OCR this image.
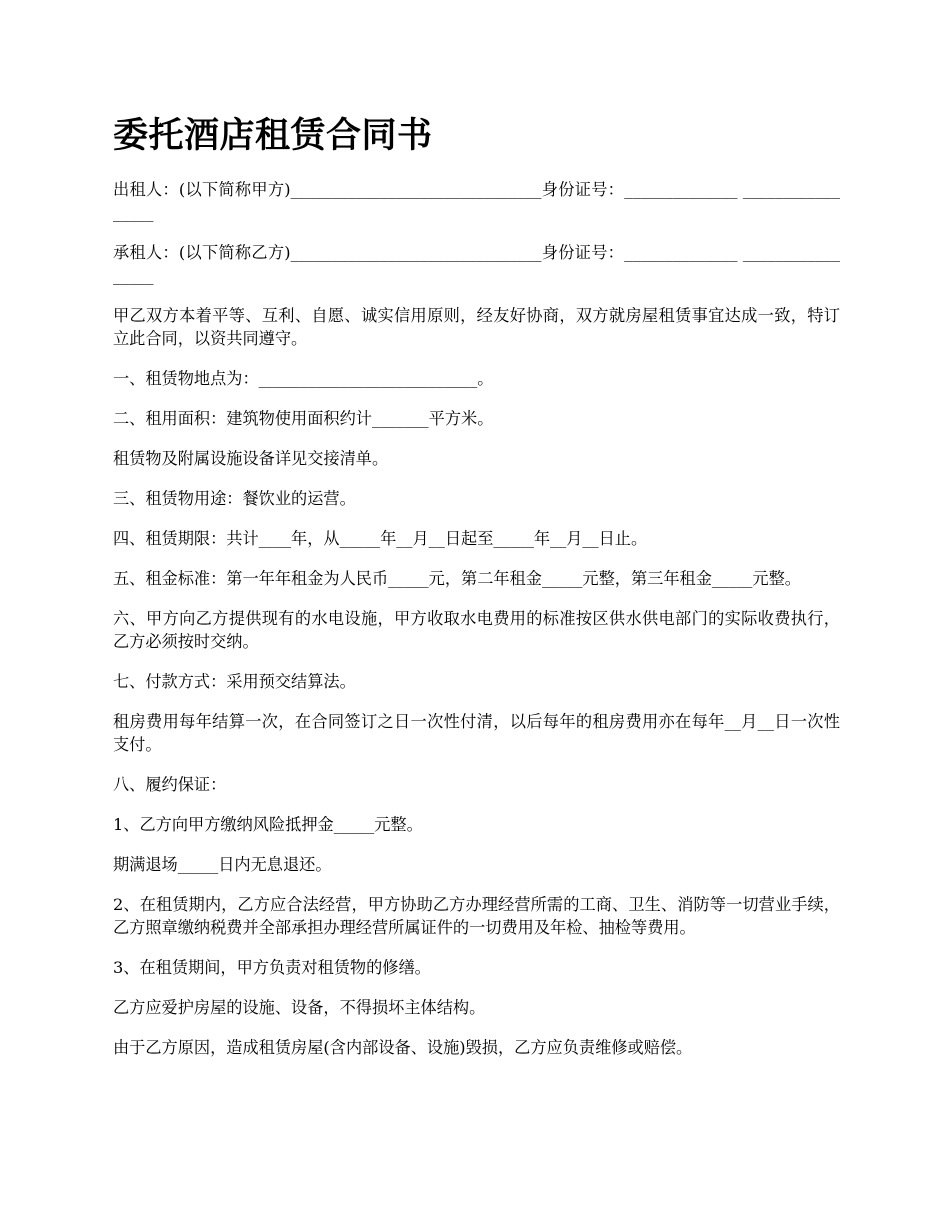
委托酒店租赁合同书

出租人：(以下简称甲方)_______________________________身份证号：______________ _________________

承租人：(以下简称乙方)_______________________________身份证号：______________ _________________

甲乙双方本着平等、互利、自愿、诚实信用原则，经友好协商，双方就房屋租赁事宜达成一致，特订立此合同，以资共同遵守。

一、租赁物地点为：___________________________。

二、租用面积：建筑物使用面积约计_______平方米。

租赁物及附属设施设备详见交接清单。

三、租赁物用途：餐饮业的运营。

四、租赁期限：共计____年，从_____年__月__日起至_____年__月__日止。

五、租金标准：第一年年租金为人民币_____元，第二年租金_____元整，第三年租金_____元整。

六、甲方向乙方提供现有的水电设施，甲方收取水电费用的标准按区供水供电部门的实际收费执行，乙方必须按时交纳。

七、付款方式：采用预交结算法。

租房费用每年结算一次，在合同签订之日一次性付清，以后每年的租房费用亦在每年__月__日一次性支付。

八、履约保证：

1、乙方向甲方缴纳风险抵押金_____元整。

期满退场_____日内无息退还。

2、在租赁期内，乙方应合法经营，甲方协助乙方办理经营所需的工商、卫生、消防等一切营业手续，乙方照章缴纳税费并全部承担办理经营所属证件的一切费用及年检、抽检等费用。

3、在租赁期间，甲方负责对租赁物的修缮。

乙方应爱护房屋的设施、设备，不得损坏主体结构。

由于乙方原因，造成租赁房屋(含内部设备、设施)毁损，乙方应负责维修或赔偿。
